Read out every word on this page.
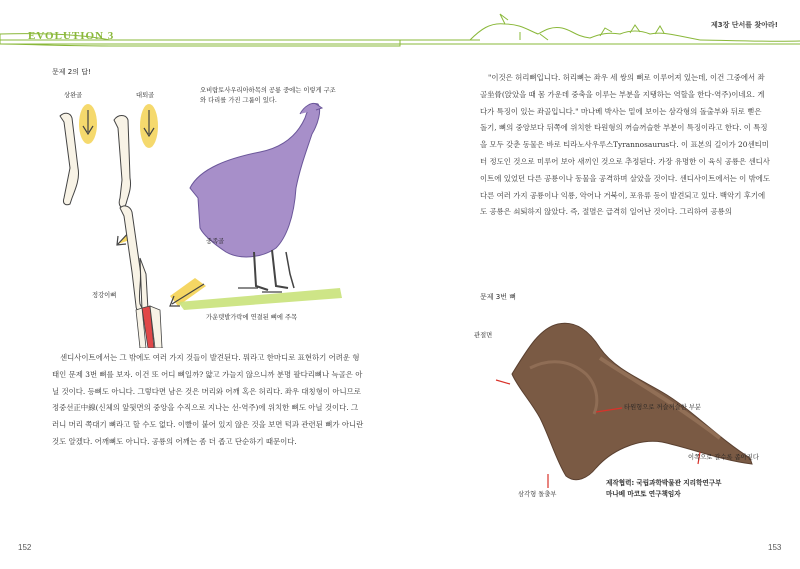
EVOLUTION 3
제3장 단서를 찾아라!
문제 2의 답!
상완골	대퇴골
중족골
정강이뼈
오비랍토사우리아하목의 공룡 중에는 이렇게 구조와 다리를 가진 그룹이 있다.
가운뎃발가락에 연결된 뼈에 주목

센디사이트에서는 그 밖에도 여러 가지 것들이 발견된다. 뭐라고 한마디로 표현하기 어려운 형태인 문제 3번 뼈를 보자. 이건 또 어디 뼈일까? 얇고 가늘지 않으니까 분명 팔다리뼈나 늑골은 아닐 것이다. 등뼈도 아니다. 그렇다면 남은 것은 머리와 어깨 혹은 허리다. 좌우 대칭형이 아니므로 정중선正中線(신체의 앞뒷면의 중앙을 수직으로 지나는 선-역주)에 위치한 뼈도 아닐 것이다. 그러니 머리 쪽대기 뼈라고 할 수도 없다. 이빨이 붙어 있지 않은 것을 보면 턱과 관련된 뼈가 아니란 것도 알겠다. 어깨뼈도 아니다. 공룡의 어깨는 좀 더 좁고 단순하기 때문이다.

152

"이것은 허리뼈입니다. 허리뼈는 좌우 세 쌍의 뼈로 이루어져 있는데, 이건 그중에서 좌골坐骨(앉았을 때 몸 가운데 중축을 이루는 부분을 지탱하는 역할을 한다-역주)이네요. 게다가 특징이 있는 좌골입니다." 마나베 박사는 밑에 보이는 삼각형의 돌출부와 뒤로 뻗은 돌기, 뼈의 중앙보다 뒤쪽에 위치한 타원형의 꺼슬꺼슬한 부분이 특징이라고 한다. 이 특징을 모두 갖춘 동물은 바로 티라노사우루스Tyrannosaurus다. 이 표본의 길이가 20센티미터 정도인 것으로 미루어 보아 새끼인 것으로 추정된다. 가장 유명한 이 육식 공룡은 센디사이트에 있었던 다른 공룡이나 동물을 공격하며 살았을 것이다. 센디사이트에서는 이 밖에도 다른 여러 가지 공룡이나 익룡, 악어나 거북이, 포유류 등이 발견되고 있다. 백악기 후기에도 공룡은 쇠퇴하지 않았다. 즉, 절멸은 급격히 일어난 것이다. 그리하여 공룡의

문제 3번 뼈
관절면
타원형으로 꺼슬꺼슬한 부분
이쪽으로 갈수록 좁아진다
삼각형 돌출부
제작협력: 국립과학박물관 지리학연구부
마나베 마코토 연구책임자
153
